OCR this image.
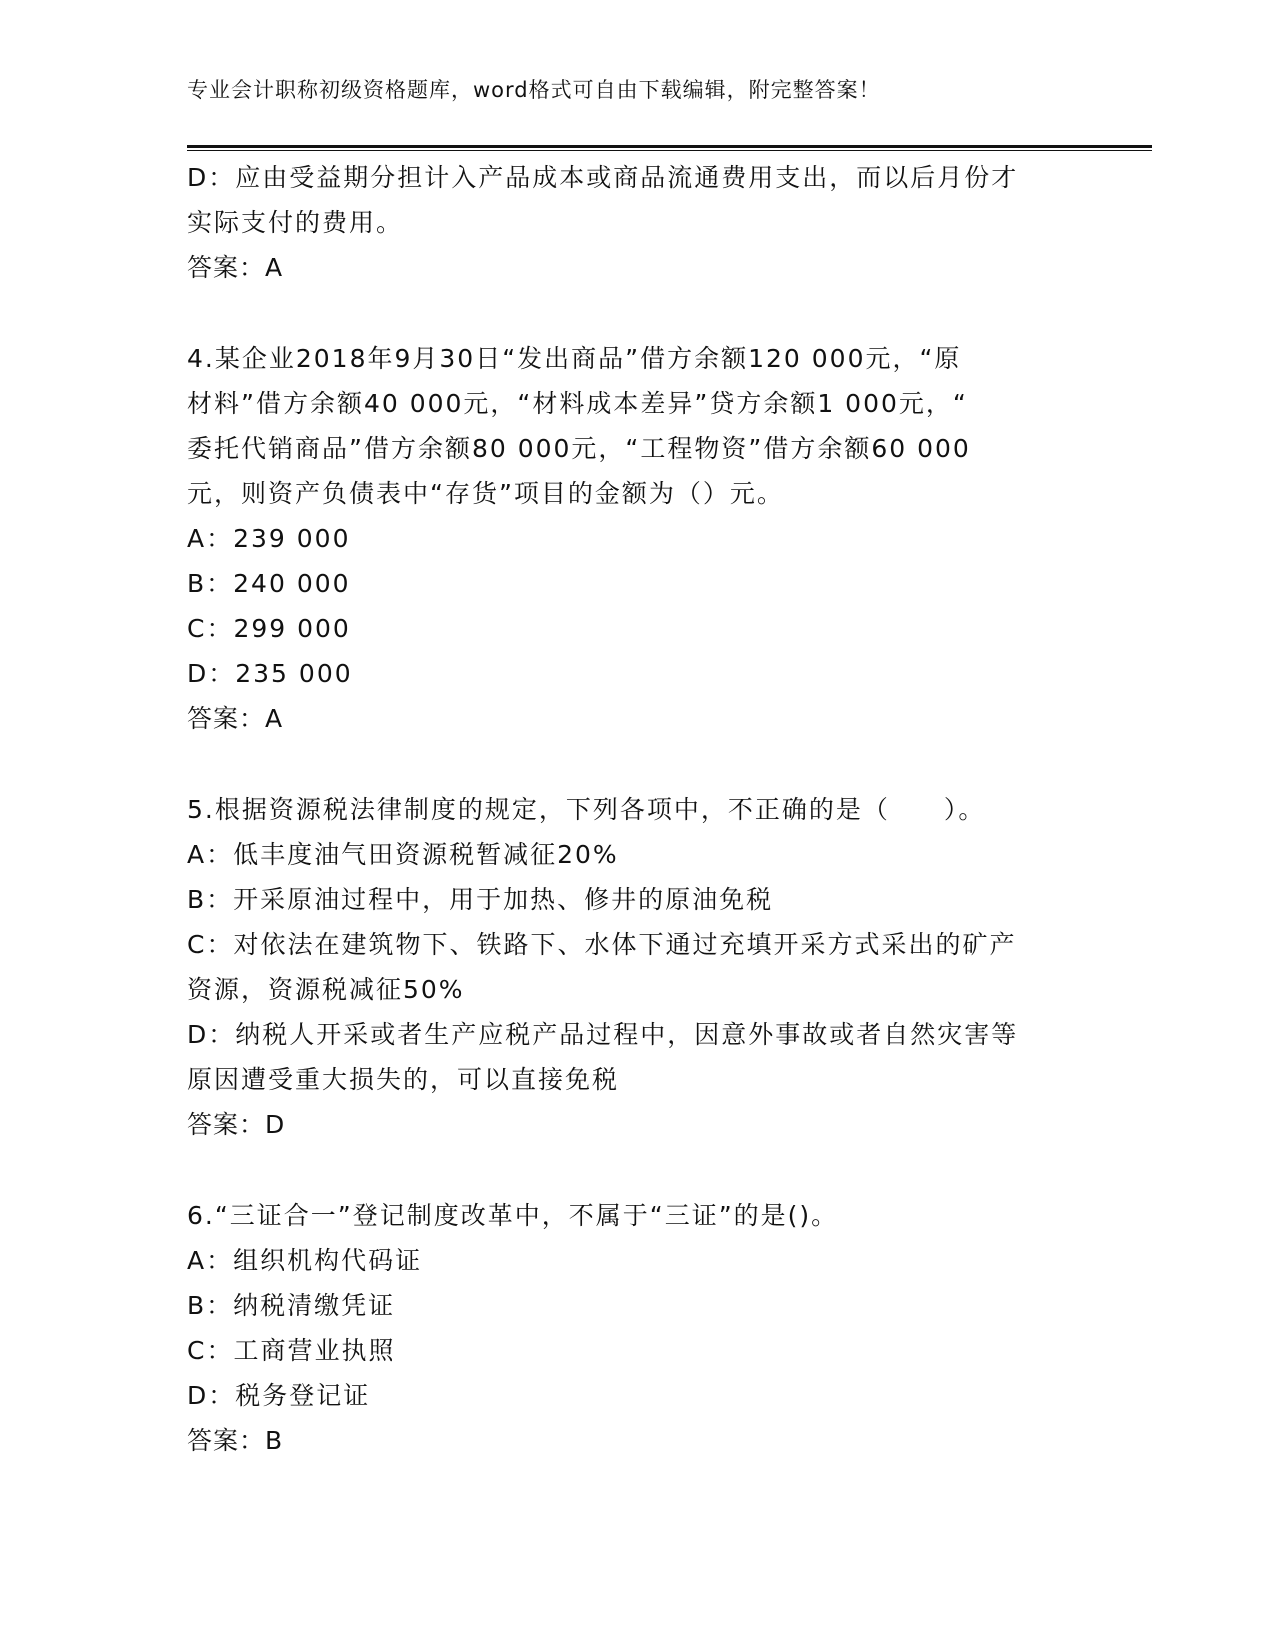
专业会计职称初级资格题库，word格式可自由下载编辑，附完整答案！
D：应由受益期分担计入产品成本或商品流通费用支出，而以后月份才
实际支付的费用。
答案：A
4.某企业2018年9月30日“发出商品”借方余额120 000元，“原
材料”借方余额40 000元，“材料成本差异”贷方余额1 000元，“
委托代销商品”借方余额80 000元，“工程物资”借方余额60 000
元，则资产负债表中“存货”项目的金额为（）元。
A：239 000
B：240 000
C：299 000
D：235 000
答案：A
5.根据资源税法律制度的规定，下列各项中，不正确的是（　　）。
A：低丰度油气田资源税暂减征20%
B：开采原油过程中，用于加热、修井的原油免税
C：对依法在建筑物下、铁路下、水体下通过充填开采方式采出的矿产
资源，资源税减征50%
D：纳税人开采或者生产应税产品过程中，因意外事故或者自然灾害等
原因遭受重大损失的，可以直接免税
答案：D
6.“三证合一”登记制度改革中，不属于“三证”的是()。
A：组织机构代码证
B：纳税清缴凭证
C：工商营业执照
D：税务登记证
答案：B
